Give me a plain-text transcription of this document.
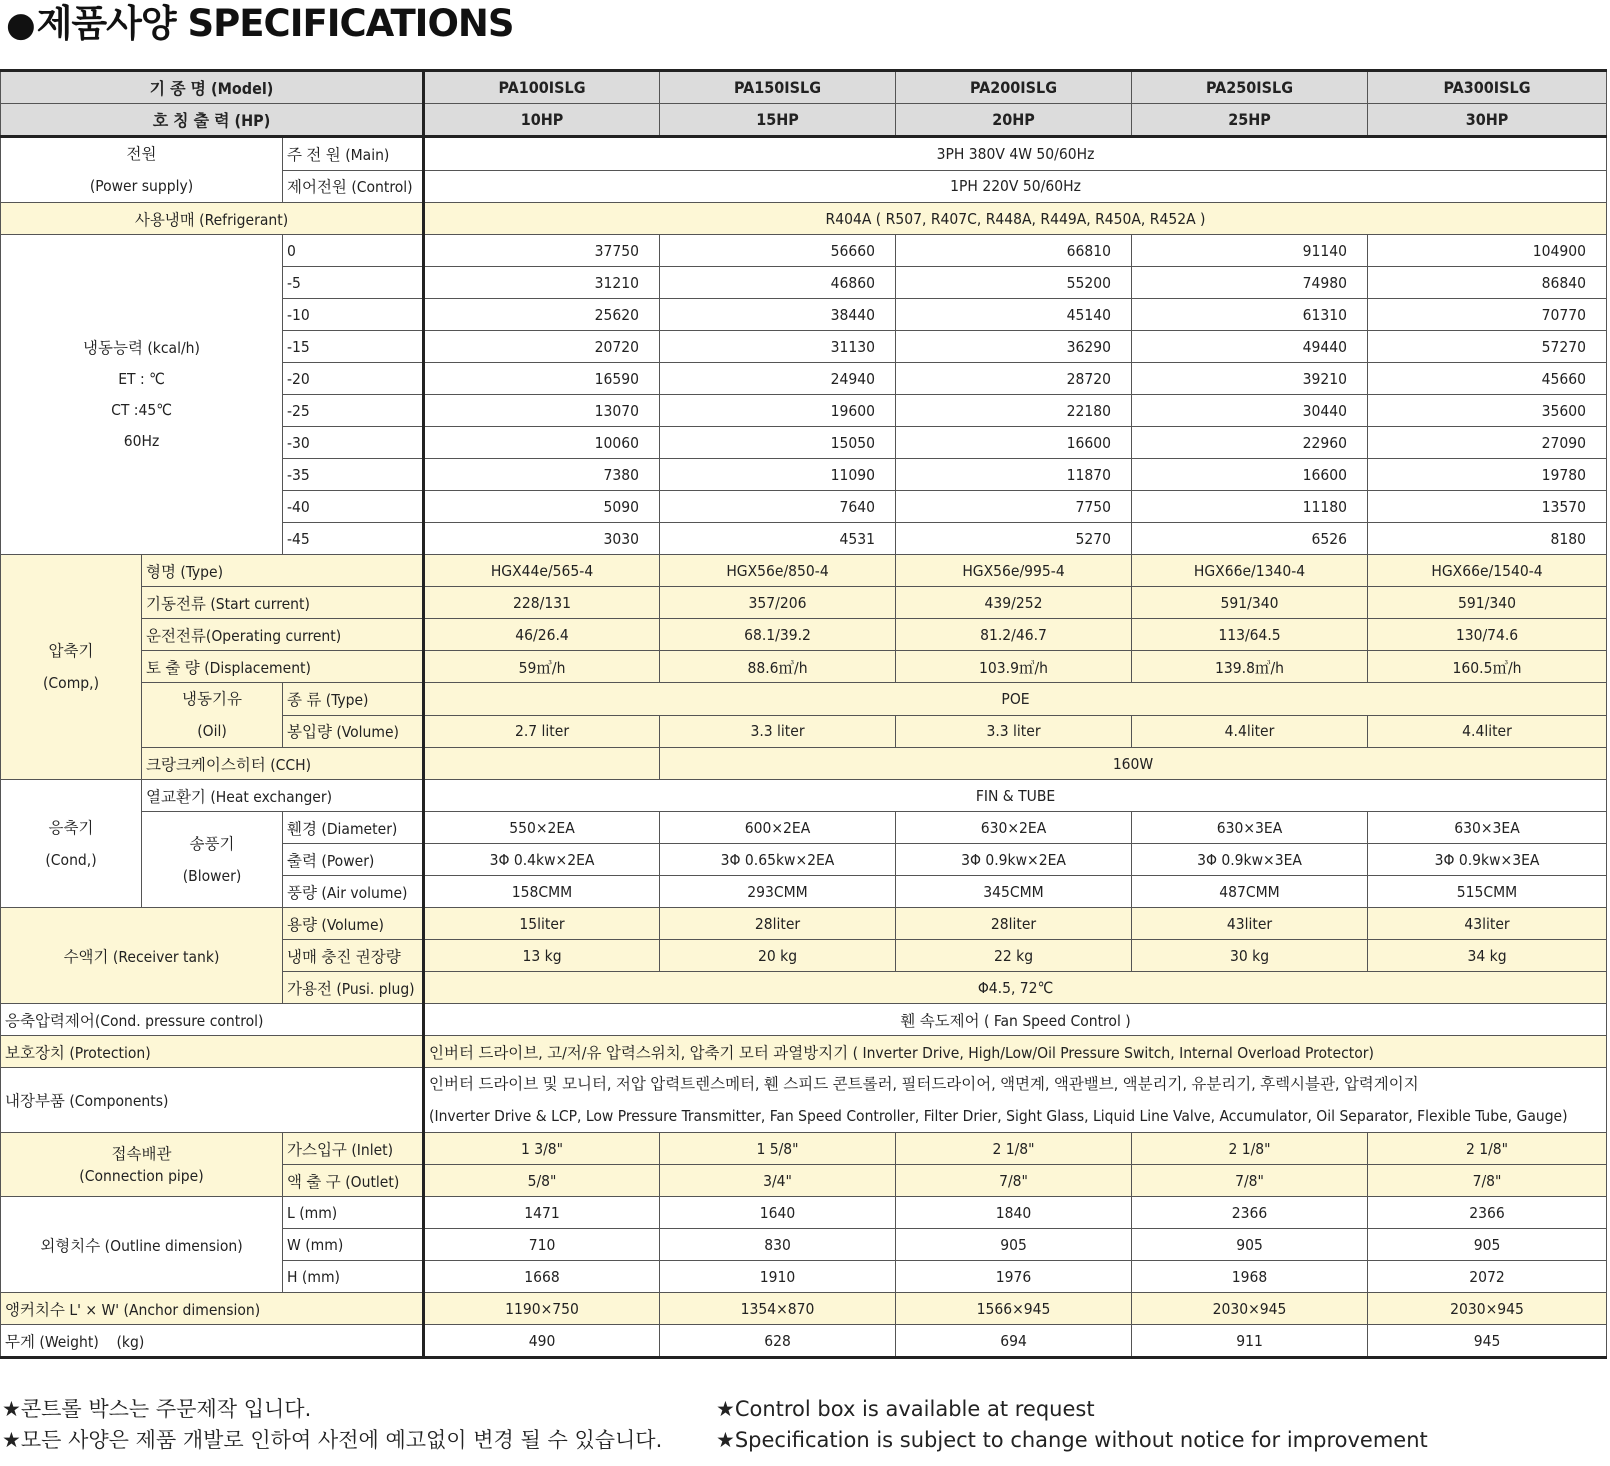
●제품사양 SPECIFICATIONS
기 종 명 (Model)			PA100ISLG	PA150ISLG	PA200ISLG	PA250ISLG	PA300ISLG
호 칭 출 력 (HP)			10HP	15HP	20HP	25HP	30HP

전원
(Power supply)		주 전 원 (Main)	3PH 380V 4W 50/60Hz				
		제어전원 (Control)	1PH 220V 50/60Hz				
사용냉매 (Refrigerant)			R404A ( R507, R407C, R448A, R449A, R450A, R452A )				

냉동능력 (kcal/h)
ET : ℃
CT :45℃
60Hz		0	37750	56660	66810	91140	104900
		-5	31210	46860	55200	74980	86840
		-10	25620	38440	45140	61310	70770
		-15	20720	31130	36290	49440	57270
		-20	16590	24940	28720	39210	45660
		-25	13070	19600	22180	30440	35600
		-30	10060	15050	16600	22960	27090
		-35	7380	11090	11870	16600	19780
		-40	5090	7640	7750	11180	13570
		-45	3030	4531	5270	6526	8180

압축기
(Comp,)	형명 (Type)		HGX44e/565-4	HGX56e/850-4	HGX56e/995-4	HGX66e/1340-4	HGX66e/1540-4
	기동전류 (Start current)		228/131	357/206	439/252	591/340	591/340
	운전전류(Operating current)		46/26.4	68.1/39.2	81.2/46.7	113/64.5	130/74.6
	토 출 량 (Displacement)		59㎥/h	88.6㎥/h	103.9㎥/h	139.8㎥/h	160.5㎥/h

	냉동기유
(Oil)	종 류 (Type)	POE				
		봉입량 (Volume)	2.7 liter	3.3 liter	3.3 liter	4.4liter	4.4liter
	크랑크케이스히터 (CCH)			160W			

응축기
(Cond,)	열교환기 (Heat exchanger)		FIN & TUBE				

	송풍기
(Blower)	휀경 (Diameter)	550×2EA	600×2EA	630×2EA	630×3EA	630×3EA
		출력 (Power)	3Φ 0.4kw×2EA	3Φ 0.65kw×2EA	3Φ 0.9kw×2EA	3Φ 0.9kw×3EA	3Φ 0.9kw×3EA
		풍량 (Air volume)	158CMM	293CMM	345CMM	487CMM	515CMM
수액기 (Receiver tank)		용량 (Volume)	15liter	28liter	28liter	43liter	43liter
		냉매 충진 권장량	13 kg	20 kg	22 kg	30 kg	34 kg
		가용전 (Pusi. plug)	Φ4.5, 72℃				
응축압력제어(Cond. pressure control)			휀 속도제어 ( Fan Speed Control )				
보호장치 (Protection)			인버터 드라이브, 고/저/유 압력스위치, 압축기 모터 과열방지기 ( Inverter Drive, High/Low/Oil Pressure Switch, Internal Overload Protector)				
내장부품 (Components)			인버터 드라이브 및 모니터, 저압 압력트렌스메터, 휀 스피드 콘트롤러, 필터드라이어, 액면계, 액관밸브, 액분리기, 유분리기, 후렉시블관, 압력게이지
(Inverter Drive & LCP, Low Pressure Transmitter, Fan Speed Controller, Filter Drier, Sight Glass, Liquid Line Valve, Accumulator, Oil Separator, Flexible Tube, Gauge)				

접속배관
(Connection pipe)		가스입구 (Inlet)	1 3/8"	1 5/8"	2 1/8"	2 1/8"	2 1/8"
		액 출 구 (Outlet)	5/8"	3/4"	7/8"	7/8"	7/8"
외형치수 (Outline dimension)		L (mm)	1471	1640	1840	2366	2366
		W (mm)	710	830	905	905	905
		H (mm)	1668	1910	1976	1968	2072
앵커치수 L' × W' (Anchor dimension)			1190×750	1354×870	1566×945	2030×945	2030×945
무게 (Weight)    (kg)			490	628	694	911	945
★콘트롤 박스는 주문제작 입니다.
★모든 사양은 제품 개발로 인하여 사전에 예고없이 변경 될 수 있습니다.
★Control box is available at request
★Specification is subject to change without notice for improvement
